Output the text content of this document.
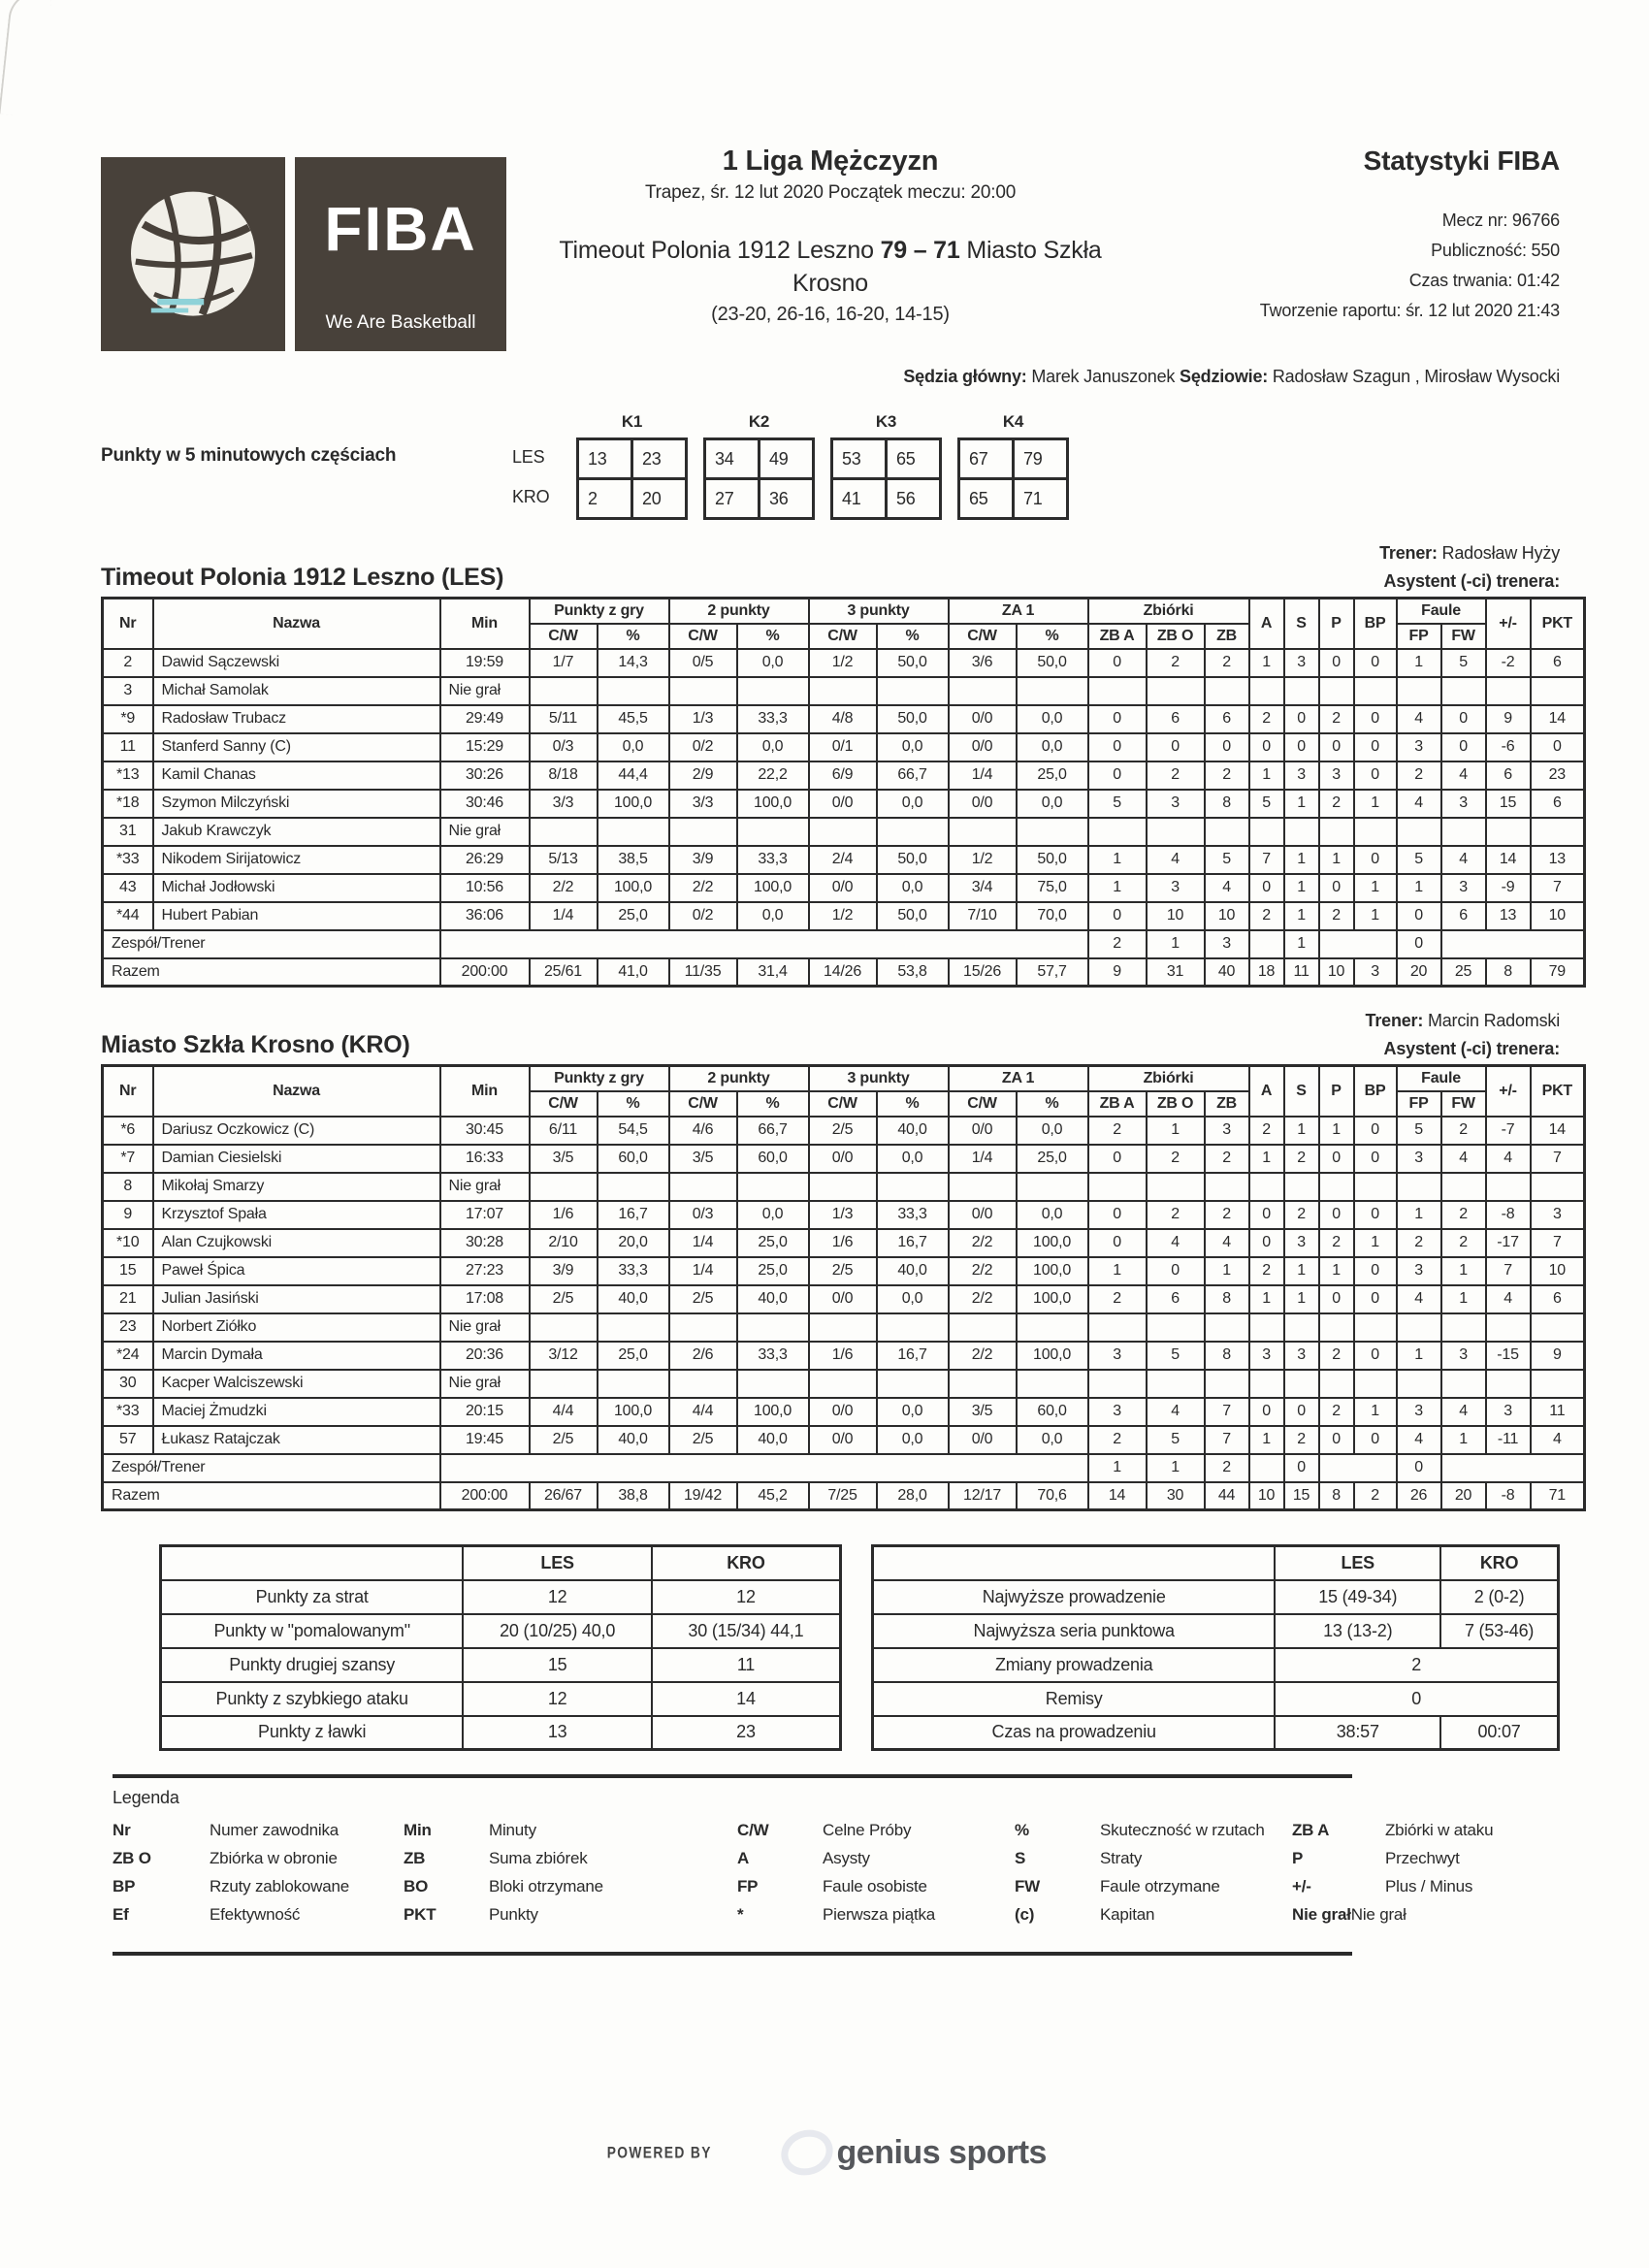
FIBA
We Are Basketball
1 Liga Mężczyzn
Trapez, śr. 12 lut 2020 Początek meczu: 20:00
Timeout Polonia 1912 Leszno 79 – 71 Miasto Szkła Krosno
(23-20, 26-16, 16-20, 14-15)
Statystyki FIBA
Mecz nr: 96766
Publiczność: 550
Czas trwania: 01:42
Tworzenie raportu: śr. 12 lut 2020 21:43
Sędzia główny: Marek Januszonek Sędziowie: Radosław Szagun , Mirosław Wysocki
Punkty w 5 minutowych częściach	LES
KRO
K1
13	23
2	20
K2
34	49
27	36
K3
53	65
41	56
K4
67	79
65	71
Trener: Radosław Hyży
Timeout Polonia 1912 Leszno (LES)	Asystent (-ci) trenera:
Nr	Nazwa	Min	Punkty z gry		2 punkty		3 punkty		ZA 1		Zbiórki			A	S	P	BP	Faule		+/-	PKT
			C/W	%	C/W	%	C/W	%	C/W	%	ZB A	ZB O	ZB					FP	FW		
2	Dawid Sączewski	19:59	1/7	14,3	0/5	0,0	1/2	50,0	3/6	50,0	0	2	2	1	3	0	0	1	5	-2	6
3	Michał Samolak	Nie grał																			
*9	Radosław Trubacz	29:49	5/11	45,5	1/3	33,3	4/8	50,0	0/0	0,0	0	6	6	2	0	2	0	4	0	9	14
11	Stanferd Sanny (C)	15:29	0/3	0,0	0/2	0,0	0/1	0,0	0/0	0,0	0	0	0	0	0	0	0	3	0	-6	0
*13	Kamil Chanas	30:26	8/18	44,4	2/9	22,2	6/9	66,7	1/4	25,0	0	2	2	1	3	3	0	2	4	6	23
*18	Szymon Milczyński	30:46	3/3	100,0	3/3	100,0	0/0	0,0	0/0	0,0	5	3	8	5	1	2	1	4	3	15	6
31	Jakub Krawczyk	Nie grał																			
*33	Nikodem Sirijatowicz	26:29	5/13	38,5	3/9	33,3	2/4	50,0	1/2	50,0	1	4	5	7	1	1	0	5	4	14	13
43	Michał Jodłowski	10:56	2/2	100,0	2/2	100,0	0/0	0,0	3/4	75,0	1	3	4	0	1	0	1	1	3	-9	7
*44	Hubert Pabian	36:06	1/4	25,0	0/2	0,0	1/2	50,0	7/10	70,0	0	10	10	2	1	2	1	0	6	13	10
Zespół/Trener											2	1	3		1			0			
Razem		200:00	25/61	41,0	11/35	31,4	14/26	53,8	15/26	57,7	9	31	40	18	11	10	3	20	25	8	79
Trener: Marcin Radomski
Miasto Szkła Krosno (KRO)	Asystent (-ci) trenera:
Nr	Nazwa	Min	Punkty z gry		2 punkty		3 punkty		ZA 1		Zbiórki			A	S	P	BP	Faule		+/-	PKT
			C/W	%	C/W	%	C/W	%	C/W	%	ZB A	ZB O	ZB					FP	FW		
*6	Dariusz Oczkowicz (C)	30:45	6/11	54,5	4/6	66,7	2/5	40,0	0/0	0,0	2	1	3	2	1	1	0	5	2	-7	14
*7	Damian Ciesielski	16:33	3/5	60,0	3/5	60,0	0/0	0,0	1/4	25,0	0	2	2	1	2	0	0	3	4	4	7
8	Mikołaj Smarzy	Nie grał																			
9	Krzysztof Spała	17:07	1/6	16,7	0/3	0,0	1/3	33,3	0/0	0,0	0	2	2	0	2	0	0	1	2	-8	3
*10	Alan Czujkowski	30:28	2/10	20,0	1/4	25,0	1/6	16,7	2/2	100,0	0	4	4	0	3	2	1	2	2	-17	7
15	Paweł Śpica	27:23	3/9	33,3	1/4	25,0	2/5	40,0	2/2	100,0	1	0	1	2	1	1	0	3	1	7	10
21	Julian Jasiński	17:08	2/5	40,0	2/5	40,0	0/0	0,0	2/2	100,0	2	6	8	1	1	0	0	4	1	4	6
23	Norbert Ziółko	Nie grał																			
*24	Marcin Dymała	20:36	3/12	25,0	2/6	33,3	1/6	16,7	2/2	100,0	3	5	8	3	3	2	0	1	3	-15	9
30	Kacper Walciszewski	Nie grał																			
*33	Maciej Żmudzki	20:15	4/4	100,0	4/4	100,0	0/0	0,0	3/5	60,0	3	4	7	0	0	2	1	3	4	3	11
57	Łukasz Ratajczak	19:45	2/5	40,0	2/5	40,0	0/0	0,0	0/0	0,0	2	5	7	1	2	0	0	4	1	-11	4
Zespół/Trener											1	1	2		0			0			
Razem		200:00	26/67	38,8	19/42	45,2	7/25	28,0	12/17	70,6	14	30	44	10	15	8	2	26	20	-8	71
	LES	KRO
Punkty za strat	12	12
Punkty w "pomalowanym"	20 (10/25) 40,0	30 (15/34) 44,1
Punkty drugiej szansy	15	11
Punkty z szybkiego ataku	12	14
Punkty z ławki	13	23
	LES	KRO
Najwyższe prowadzenie	15 (49-34)	2 (0-2)
Najwyższa seria punktowa	13 (13-2)	7 (53-46)
Zmiany prowadzenia	2	
Remisy	0	
Czas na prowadzeniu	38:57	00:07
Legenda
Nr	Numer zawodnika
ZB O	Zbiórka w obronie
BP	Rzuty zablokowane
Ef	Efektywność
Min	Minuty
ZB	Suma zbiórek
BO	Bloki otrzymane
PKT	Punkty
C/W	Celne Próby
A	Asysty
FP	Faule osobiste
*	Pierwsza piątka
%	Skuteczność w rzutach
S	Straty
FW	Faule otrzymane
(c)	Kapitan
ZB A	Zbiórki w ataku
P	Przechwyt
+/-	Plus / Minus
Nie grał Nie grał
POWERED BY	genius sports
